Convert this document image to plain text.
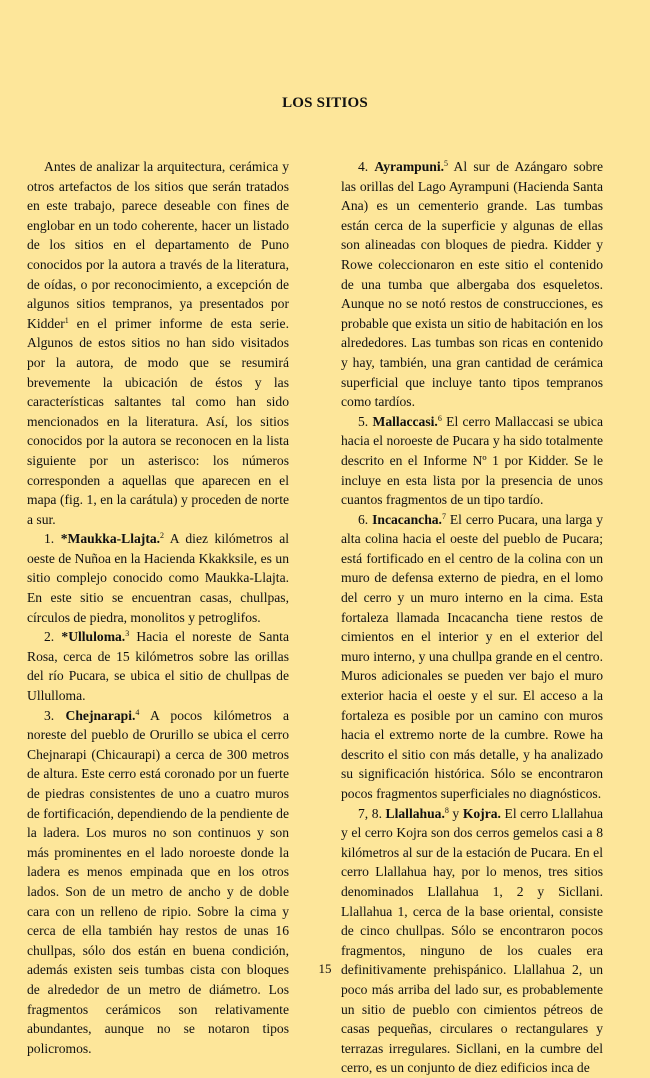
LOS SITIOS

Antes de analizar la arquitectura, cerámica y otros artefactos de los sitios que serán tratados en este trabajo, parece deseable con fines de englobar en un todo coherente, hacer un listado de los sitios en el departamento de Puno conocidos por la autora a través de la literatura, de oídas, o por reconocimiento, a excepción de algunos sitios tempranos, ya presentados por Kidder$^1$ en el primer informe de esta serie. Algunos de estos sitios no han sido visitados por la autora, de modo que se resumirá brevemente la ubicación de éstos y las características saltantes tal como han sido mencionados en la literatura. Así, los sitios conocidos por la autora se reconocen en la lista siguiente por un asterisco: los números corresponden a aquellas que aparecen en el mapa (fig. 1, en la carátula) y proceden de norte a sur.

1. *Maukka-Llajta.$^2$ A diez kilómetros al oeste de Nuñoa en la Hacienda Kkakksile, es un sitio complejo conocido como Maukka-Llajta. En este sitio se encuentran casas, chullpas, círculos de piedra, monolitos y petroglifos.

2. *Ulluloma.$^3$ Hacia el noreste de Santa Rosa, cerca de 15 kilómetros sobre las orillas del río Pucara, se ubica el sitio de chullpas de Ullulloma.

3. Chejnarapi.$^4$ A pocos kilómetros a noreste del pueblo de Orurillo se ubica el cerro Chejnarapi (Chicaurapi) a cerca de 300 metros de altura. Este cerro está coronado por un fuerte de piedras consistentes de uno a cuatro muros de fortificación, dependiendo de la pendiente de la ladera. Los muros no son continuos y son más prominentes en el lado noroeste donde la ladera es menos empinada que en los otros lados. Son de un metro de ancho y de doble cara con un relleno de ripio. Sobre la cima y cerca de ella también hay restos de unas 16 chullpas, sólo dos están en buena condición, además existen seis tumbas cista con bloques de alrededor de un metro de diámetro. Los fragmentos cerámicos son relativamente abundantes, aunque no se notaron tipos policromos.

4. Ayrampuni.$^5$ Al sur de Azángaro sobre las orillas del Lago Ayrampuni (Hacienda Santa Ana) es un cementerio grande. Las tumbas están cerca de la superficie y algunas de ellas son alineadas con bloques de piedra. Kidder y Rowe coleccionaron en este sitio el contenido de una tumba que albergaba dos esqueletos. Aunque no se notó restos de construcciones, es probable que exista un sitio de habitación en los alrededores. Las tumbas son ricas en contenido y hay, también, una gran cantidad de cerámica superficial que incluye tanto tipos tempranos como tardíos.

5. Mallaccasi.$^6$ El cerro Mallaccasi se ubica hacia el noroeste de Pucara y ha sido totalmente descrito en el Informe Nº 1 por Kidder. Se le incluye en esta lista por la presencia de unos cuantos fragmentos de un tipo tardío.

6. Incacancha.$^7$ El cerro Pucara, una larga y alta colina hacia el oeste del pueblo de Pucara; está fortificado en el centro de la colina con un muro de defensa externo de piedra, en el lomo del cerro y un muro interno en la cima. Esta fortaleza llamada Incacancha tiene restos de cimientos en el interior y en el exterior del muro interno, y una chullpa grande en el centro. Muros adicionales se pueden ver bajo el muro exterior hacia el oeste y el sur. El acceso a la fortaleza es posible por un camino con muros hacia el extremo norte de la cumbre. Rowe ha descrito el sitio con más detalle, y ha analizado su significación histórica. Sólo se encontraron pocos fragmentos superficiales no diagnósticos.

7, 8. Llallahua.$^8$ y Kojra. El cerro Llallahua y el cerro Kojra son dos cerros gemelos casi a 8 kilómetros al sur de la estación de Pucara. En el cerro Llallahua hay, por lo menos, tres sitios denominados Llallahua 1, 2 y Sicllani. Llallahua 1, cerca de la base oriental, consiste de cinco chullpas. Sólo se encontraron pocos fragmentos, ninguno de los cuales era definitivamente prehispánico. Llallahua 2, un poco más arriba del lado sur, es probablemente un sitio de pueblo con cimientos pétreos de casas pequeñas, circulares o rectangulares y terrazas irregulares. Sicllani, en la cumbre del cerro, es un conjunto de diez edificios inca de

15
